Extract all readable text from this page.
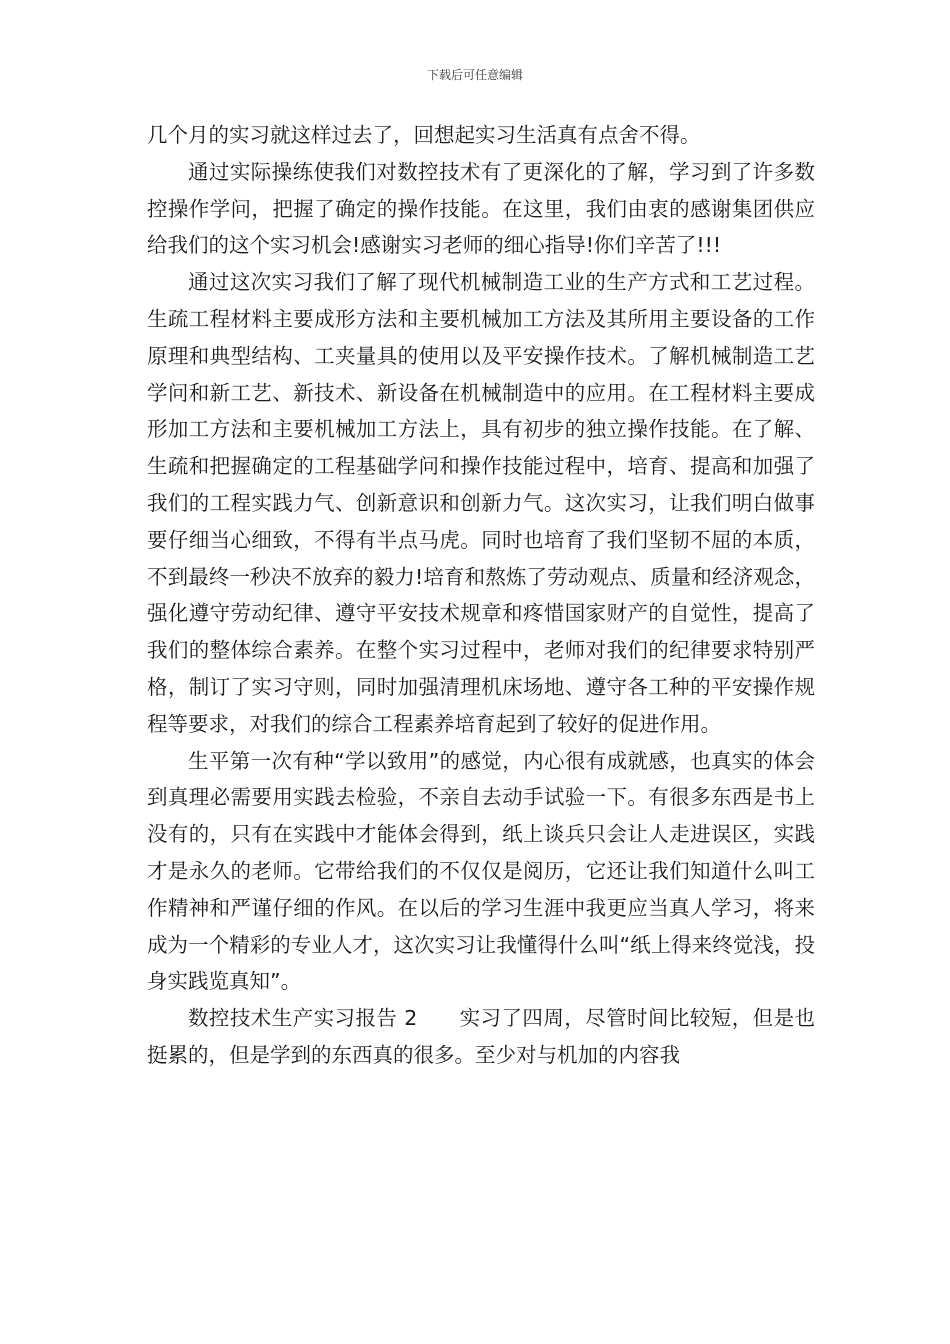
下载后可任意编辑

几个月的实习就这样过去了，回想起实习生活真有点舍不得。

通过实际操练使我们对数控技术有了更深化的了解，学习到了许多数控操作学问，把握了确定的操作技能。在这里，我们由衷的感谢集团供应给我们的这个实习机会!感谢实习老师的细心指导!你们辛苦了!!!

通过这次实习我们了解了现代机械制造工业的生产方式和工艺过程。生疏工程材料主要成形方法和主要机械加工方法及其所用主要设备的工作原理和典型结构、工夹量具的使用以及平安操作技术。了解机械制造工艺学问和新工艺、新技术、新设备在机械制造中的应用。在工程材料主要成形加工方法和主要机械加工方法上，具有初步的独立操作技能。在了解、生疏和把握确定的工程基础学问和操作技能过程中，培育、提高和加强了我们的工程实践力气、创新意识和创新力气。这次实习，让我们明白做事要仔细当心细致，不得有半点马虎。同时也培育了我们坚韧不屈的本质，不到最终一秒决不放弃的毅力!培育和熬炼了劳动观点、质量和经济观念，强化遵守劳动纪律、遵守平安技术规章和疼惜国家财产的自觉性，提高了我们的整体综合素养。在整个实习过程中，老师对我们的纪律要求特别严格，制订了实习守则，同时加强清理机床场地、遵守各工种的平安操作规程等要求，对我们的综合工程素养培育起到了较好的促进作用。

生平第一次有种“学以致用”的感觉，内心很有成就感，也真实的体会到真理必需要用实践去检验，不亲自去动手试验一下。有很多东西是书上没有的，只有在实践中才能体会得到，纸上谈兵只会让人走进误区，实践才是永久的老师。它带给我们的不仅仅是阅历，它还让我们知道什么叫工作精神和严谨仔细的作风。在以后的学习生涯中我更应当真人学习，将来成为一个精彩的专业人才，这次实习让我懂得什么叫“纸上得来终觉浅，投身实践览真知”。

数控技术生产实习报告 2　　实习了四周，尽管时间比较短，但是也挺累的，但是学到的东西真的很多。至少对与机加的内容我
